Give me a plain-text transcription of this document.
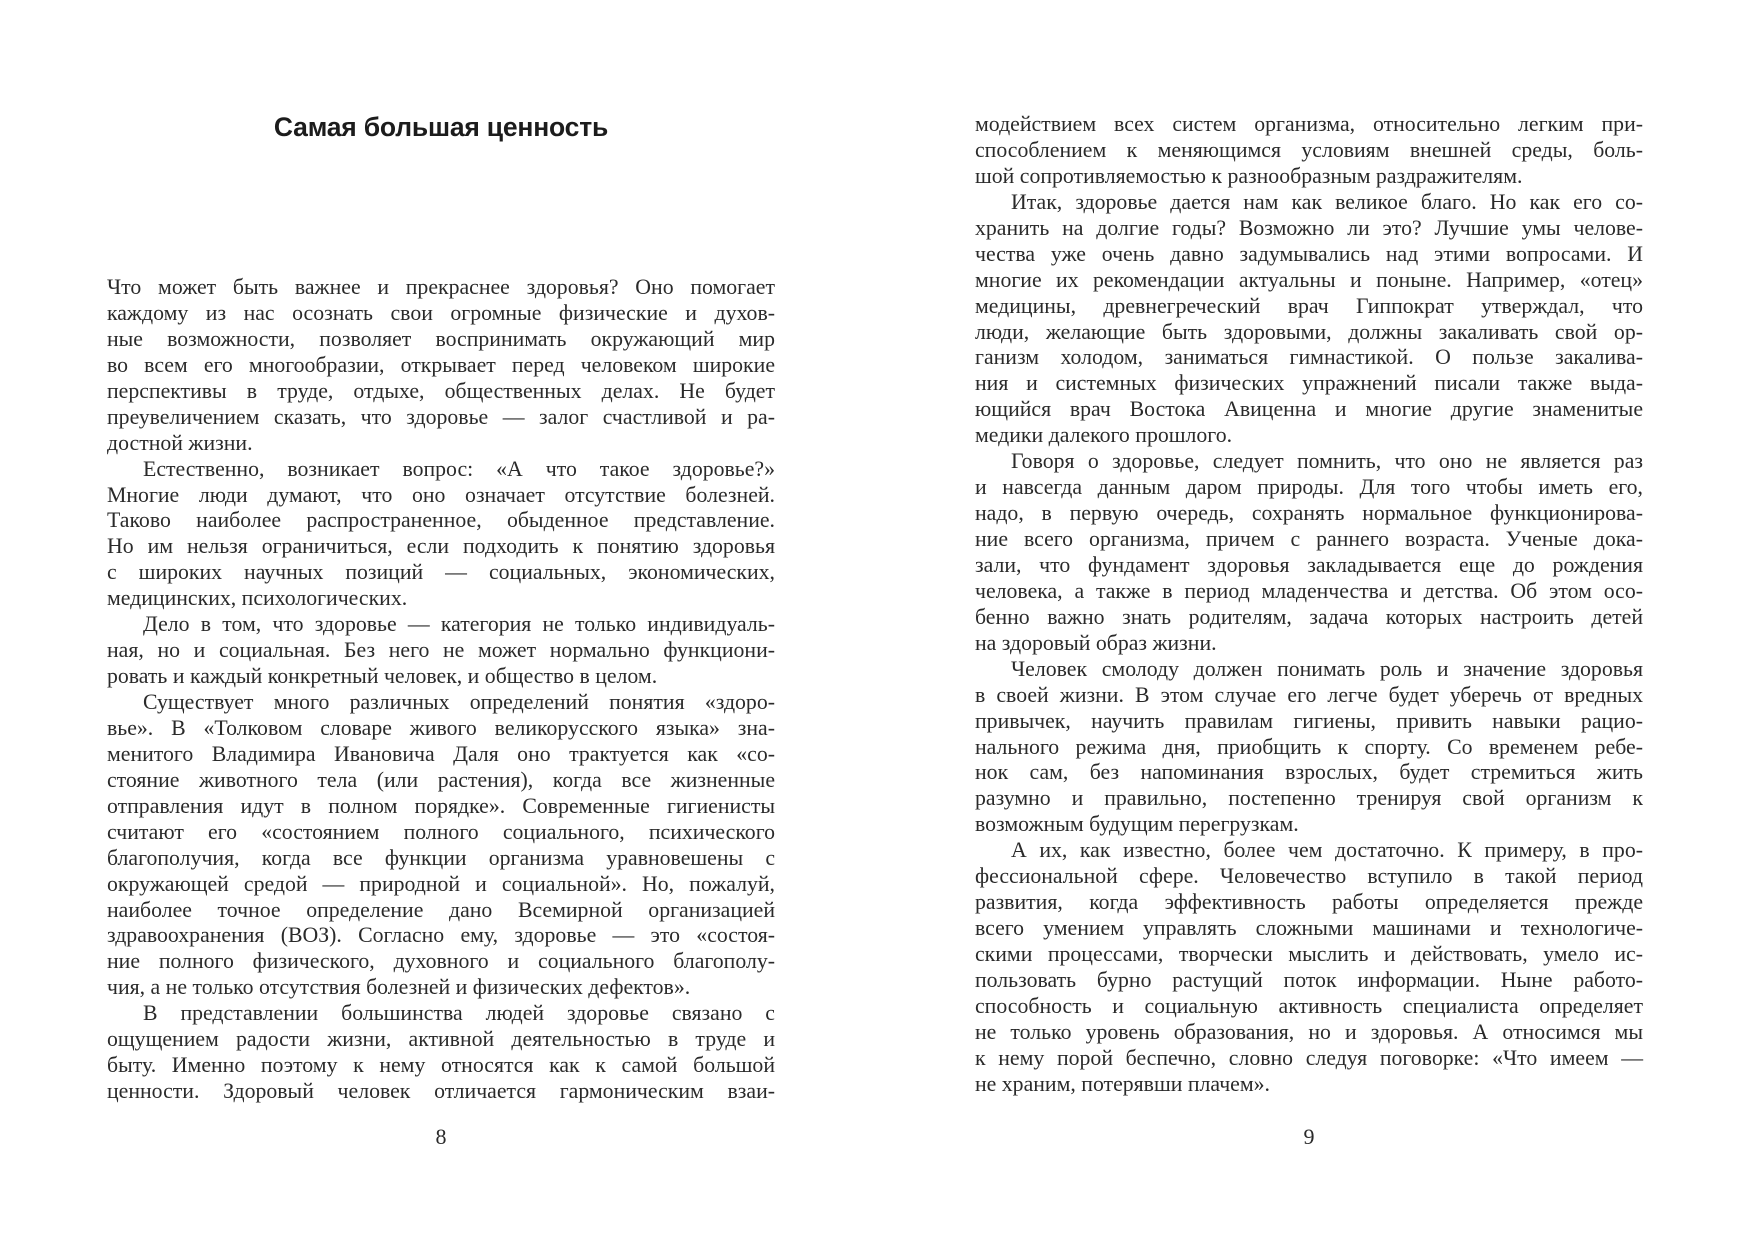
Самая большая ценность
Что может быть важнее и прекраснее здоровья? Оно помогает
каждому из нас осознать свои огромные физические и духов-
ные возможности, позволяет воспринимать окружающий мир
во всем его многообразии, открывает перед человеком широкие
перспективы в труде, отдыхе, общественных делах. Не будет
преувеличением сказать, что здоровье — залог счастливой и ра-
достной жизни.
Естественно, возникает вопрос: «А что такое здоровье?»
Многие люди думают, что оно означает отсутствие болезней.
Таково наиболее распространенное, обыденное представление.
Но им нельзя ограничиться, если подходить к понятию здоровья
с широких научных позиций — социальных, экономических,
медицинских, психологических.
Дело в том, что здоровье — категория не только индивидуаль-
ная, но и социальная. Без него не может нормально функциони-
ровать и каждый конкретный человек, и общество в целом.
Существует много различных определений понятия «здоро-
вье». В «Толковом словаре живого великорусского языка» зна-
менитого Владимира Ивановича Даля оно трактуется как «со-
стояние животного тела (или растения), когда все жизненные
отправления идут в полном порядке». Современные гигиенисты
считают его «состоянием полного социального, психического
благополучия, когда все функции организма уравновешены с
окружающей средой — природной и социальной». Но, пожалуй,
наиболее точное определение дано Всемирной организацией
здравоохранения (ВОЗ). Согласно ему, здоровье — это «состоя-
ние полного физического, духовного и социального благополу-
чия, а не только отсутствия болезней и физических дефектов».
В представлении большинства людей здоровье связано с
ощущением радости жизни, активной деятельностью в труде и
быту. Именно поэтому к нему относятся как к самой большой
ценности. Здоровый человек отличается гармоническим взаи-
8
модействием всех систем организма, относительно легким при-
способлением к меняющимся условиям внешней среды, боль-
шой сопротивляемостью к разнообразным раздражителям.
Итак, здоровье дается нам как великое благо. Но как его со-
хранить на долгие годы? Возможно ли это? Лучшие умы челове-
чества уже очень давно задумывались над этими вопросами. И
многие их рекомендации актуальны и поныне. Например, «отец»
медицины, древнегреческий врач Гиппократ утверждал, что
люди, желающие быть здоровыми, должны закаливать свой ор-
ганизм холодом, заниматься гимнастикой. О пользе закалива-
ния и системных физических упражнений писали также выда-
ющийся врач Востока Авиценна и многие другие знаменитые
медики далекого прошлого.
Говоря о здоровье, следует помнить, что оно не является раз
и навсегда данным даром природы. Для того чтобы иметь его,
надо, в первую очередь, сохранять нормальное функционирова-
ние всего организма, причем с раннего возраста. Ученые дока-
зали, что фундамент здоровья закладывается еще до рождения
человека, а также в период младенчества и детства. Об этом осо-
бенно важно знать родителям, задача которых настроить детей
на здоровый образ жизни.
Человек смолоду должен понимать роль и значение здоровья
в своей жизни. В этом случае его легче будет уберечь от вредных
привычек, научить правилам гигиены, привить навыки рацио-
нального режима дня, приобщить к спорту. Со временем ребе-
нок сам, без напоминания взрослых, будет стремиться жить
разумно и правильно, постепенно тренируя свой организм к
возможным будущим перегрузкам.
А их, как известно, более чем достаточно. К примеру, в про-
фессиональной сфере. Человечество вступило в такой период
развития, когда эффективность работы определяется прежде
всего умением управлять сложными машинами и технологиче-
скими процессами, творчески мыслить и действовать, умело ис-
пользовать бурно растущий поток информации. Ныне работо-
способность и социальную активность специалиста определяет
не только уровень образования, но и здоровья. А относимся мы
к нему порой беспечно, словно следуя поговорке: «Что имеем —
не храним, потерявши плачем».
9
